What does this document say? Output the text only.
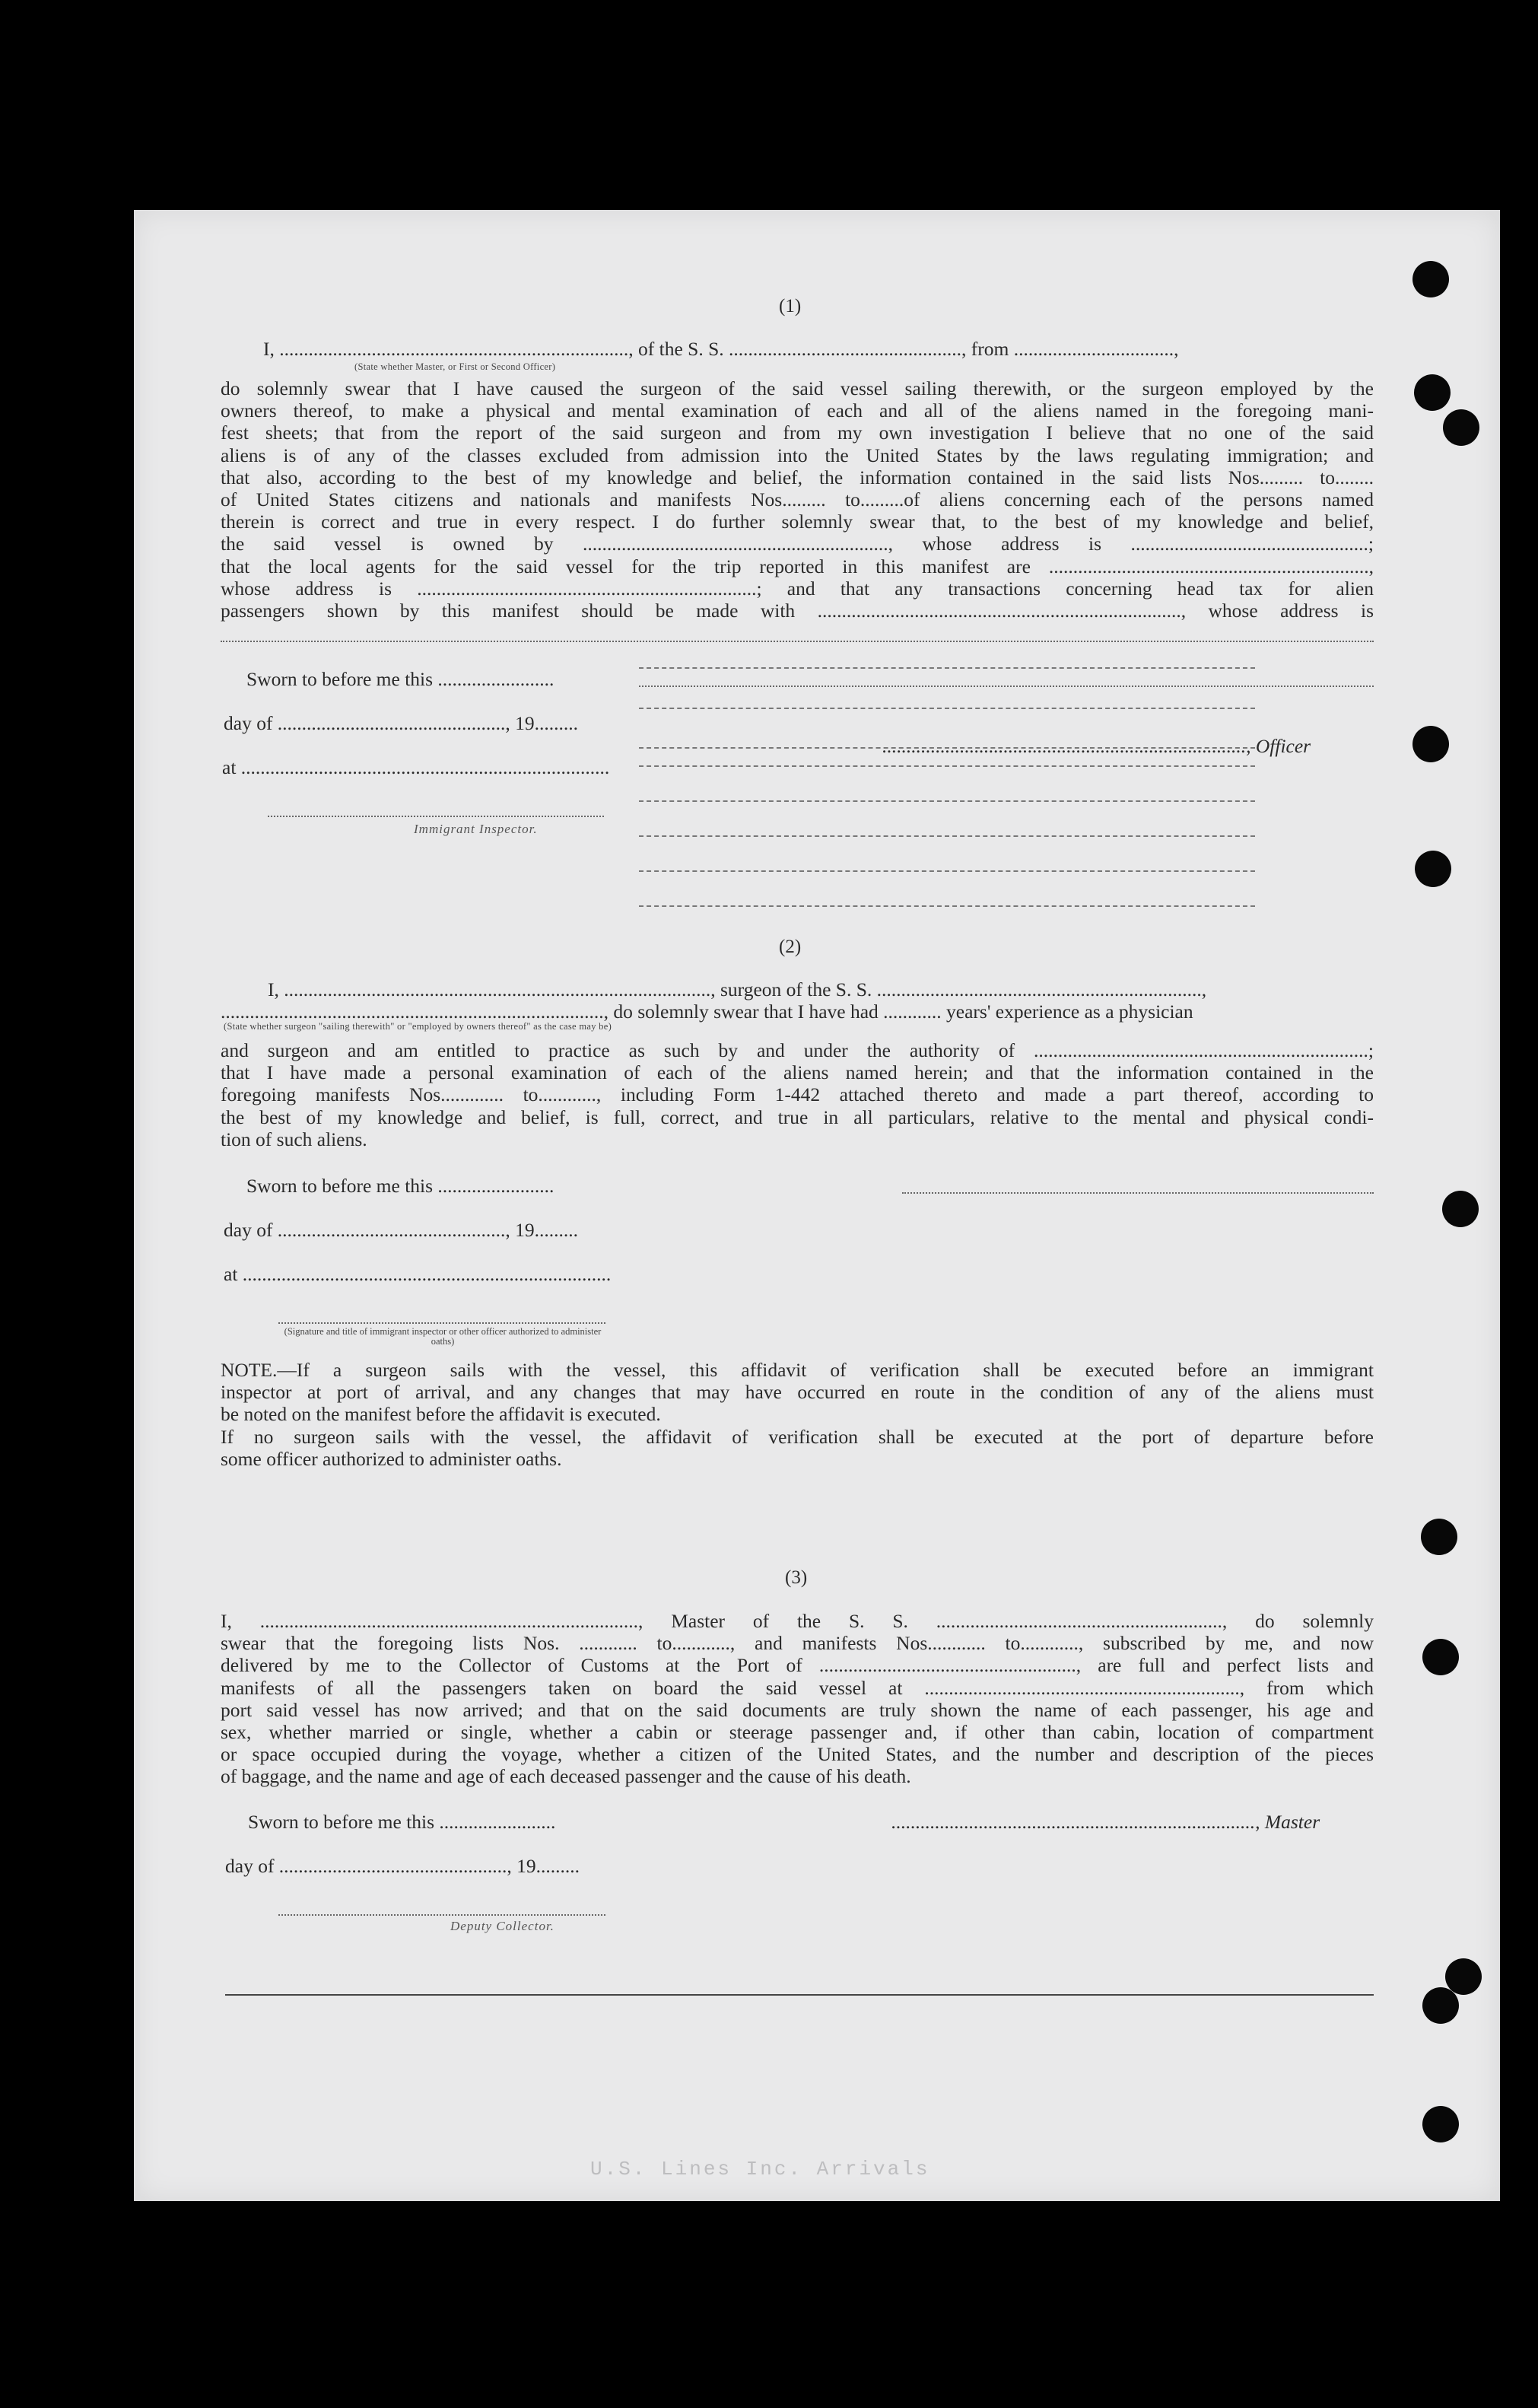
(1)
I, ........................................................................, of the S. S. ................................................, from .................................,
(State whether Master, or First or Second Officer)
do solemnly swear that I have caused the surgeon of the said vessel sailing therewith, or the surgeon employed by the
owners thereof, to make a physical and mental examination of each and all of the aliens named in the foregoing mani-
fest sheets; that from the report of the said surgeon and from my own investigation I believe that no one of the said
aliens is of any of the classes excluded from admission into the United States by the laws regulating immigration; and
that also, according to the best of my knowledge and belief, the information contained in the said lists Nos......... to........
of United States citizens and nationals and manifests Nos......... to.........of aliens concerning each of the persons named
therein is correct and true in every respect. I do further solemnly swear that, to the best of my knowledge and belief,
the said vessel is owned by ..............................................................., whose address is .................................................;
that the local agents for the said vessel for the trip reported in this manifest are ..................................................................,
whose address is ......................................................................; and that any transactions concerning head tax for alien
passengers shown by this manifest should be made with ..........................................................................., whose address is
Sworn to before me this ........................
day of ..............................................., 19.........
at ............................................................................
..........................................................................., Officer
Immigrant Inspector.
(2)
I, ........................................................................................, surgeon of the S. S. ...................................................................,
..............................................................................., do solemnly swear that I have had ............ years' experience as a physician
(State whether surgeon "sailing therewith" or "employed by owners thereof" as the case may be)
and surgeon and am entitled to practice as such by and under the authority of .....................................................................;
that I have made a personal examination of each of the aliens named herein; and that the information contained in the
foregoing manifests Nos............. to............, including Form 1-442 attached thereto and made a part thereof, according to
the best of my knowledge and belief, is full, correct, and true in all particulars, relative to the mental and physical condi-
tion of such aliens.
Sworn to before me this ........................
day of ..............................................., 19.........
at ............................................................................
(Signature and title of immigrant inspector or other officer authorized to administer oaths)
NOTE.—If a surgeon sails with the vessel, this affidavit of verification shall be executed before an immigrant
inspector at port of arrival, and any changes that may have occurred en route in the condition of any of the aliens must
be noted on the manifest before the affidavit is executed.
If no surgeon sails with the vessel, the affidavit of verification shall be executed at the port of departure before
some officer authorized to administer oaths.
(3)
I, .............................................................................., Master of the S. S. ..........................................................., do solemnly
swear that the foregoing lists Nos. ............ to............, and manifests Nos............ to............, subscribed by me, and now
delivered by me to the Collector of Customs at the Port of ....................................................., are full and perfect lists and
manifests of all the passengers taken on board the said vessel at ................................................................., from which
port said vessel has now arrived; and that on the said documents are truly shown the name of each passenger, his age and
sex, whether married or single, whether a cabin or steerage passenger and, if other than cabin, location of compartment
or space occupied during the voyage, whether a citizen of the United States, and the number and description of the pieces
of baggage, and the name and age of each deceased passenger and the cause of his death.
Sworn to before me this ........................	..........................................................................., Master
day of ..............................................., 19.........
Deputy Collector.
U.S. Lines Inc. Arrivals
